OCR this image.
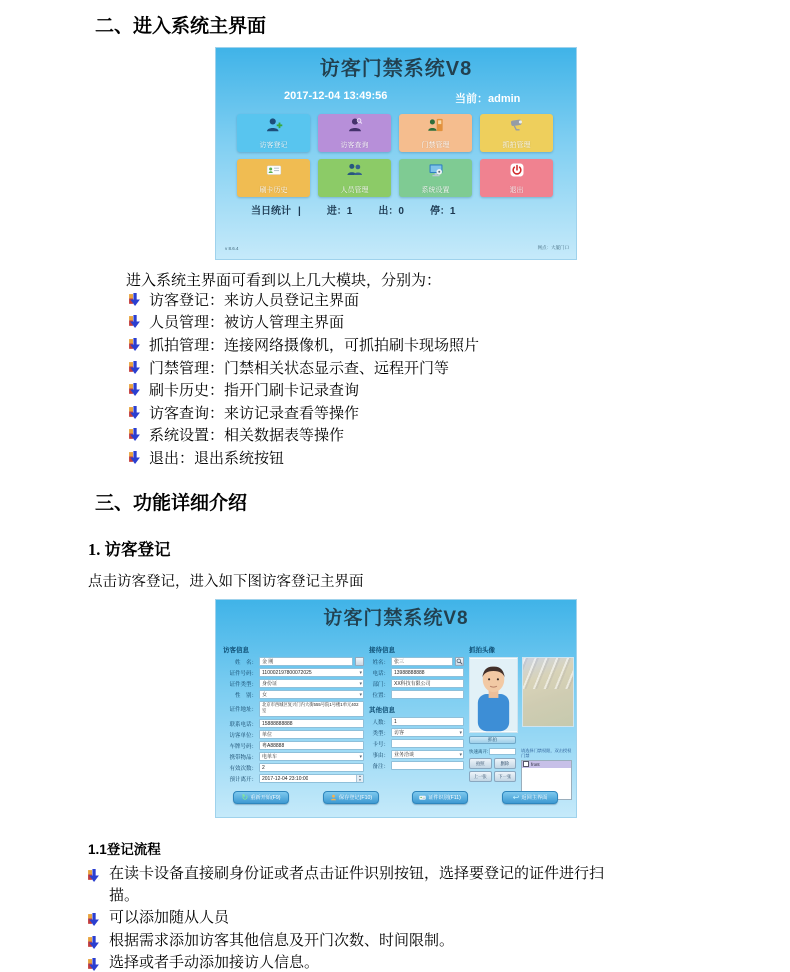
二、进入系统主界面
访客门禁系统V8
2017-12-04 13:49:56	当前：admin
访客登记	访客查询	门禁管理	抓拍管理
刷卡历史	人员管理	系统设置	退出
当日统计 |	进：1	出：0	停：1
v 8.6.4	网点：大厦门口
进入系统主界面可看到以上几大模块，分别为：
访客登记：来访人员登记主界面
人员管理：被访人管理主界面
抓拍管理：连接网络摄像机，可抓拍刷卡现场照片
门禁管理：门禁相关状态显示查、远程开门等
刷卡历史：指开门刷卡记录查询
访客查询：来访记录查看等操作
系统设置：相关数据表等操作
退出：退出系统按钮
三、功能详细介绍
1. 访客登记
点击访客登记，进入如下图访客登记主界面
访客门禁系统V8
访客信息
姓　名：	金 刚
证件号码：	110002197800072025	▾
证件类型：	身份证	▾
性　别：	女	▾
证件地址：
北京市西城区复兴门内大街555号院1号楼1单元402室
联系电话：	15888888888
访客单位：	单位
车牌号码：	粤A88888
携带物品：	电单车	▾
有效次数：	2
预计离开：	2017-12-04 23:10:00	▲
▼
接待信息
姓名：	张三
电话：	13988888888
部门：	XX科技有限公司
位置：
其他信息
人数：	1
类型：	访客	▾
卡号：
事由：	业务洽谈	▾
备注：
抓拍头像
抓拍
快速离开:
拍照	删除
上一张	下一张
请选择门禁权限，双击授权门禁
front
↻ 重新开始(F9)	保存登记(F10)	证件识别(F11)	↩ 返回主界面
1.1登记流程
在读卡设备直接刷身份证或者点击证件识别按钮，选择要登记的证件进行扫描。
可以添加随从人员
根据需求添加访客其他信息及开门次数、时间限制。
选择或者手动添加接访人信息。
